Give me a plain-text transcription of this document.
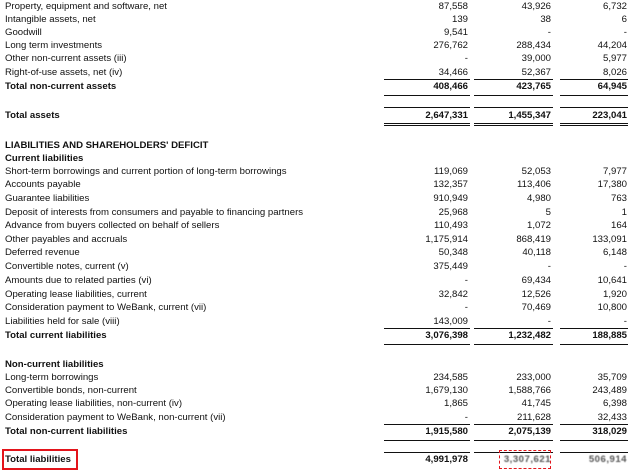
Property, equipment and software, net	87,558	43,926	6,732
Intangible assets, net	139	38	6
Goodwill	9,541	-	-
Long term investments	276,762	288,434	44,204
Other non-current assets (iii)	-	39,000	5,977
Right-of-use assets, net (iv)	34,466	52,367	8,026
Total non-current assets	408,466	423,765	64,945
Total assets	2,647,331	1,455,347	223,041
LIABILITIES AND SHAREHOLDERS' DEFICIT
Current liabilities
Short-term borrowings and current portion of long-term borrowings	119,069	52,053	7,977
Accounts payable	132,357	113,406	17,380
Guarantee liabilities	910,949	4,980	763
Deposit of interests from consumers and payable to financing partners	25,968	5	1
Advance from buyers collected on behalf of sellers	110,493	1,072	164
Other payables and accruals	1,175,914	868,419	133,091
Deferred revenue	50,348	40,118	6,148
Convertible notes, current (v)	375,449	-	-
Amounts due to related parties (vi)	-	69,434	10,641
Operating lease liabilities, current	32,842	12,526	1,920
Consideration payment to WeBank, current (vii)	-	70,469	10,800
Liabilities held for sale (viii)	143,009	-	-
Total current liabilities	3,076,398	1,232,482	188,885
Non-current liabilities
Long-term borrowings	234,585	233,000	35,709
Convertible bonds, non-current	1,679,130	1,588,766	243,489
Operating lease liabilities, non-current (iv)	1,865	41,745	6,398
Consideration payment to WeBank, non-current (vii)	-	211,628	32,433
Total non-current liabilities	1,915,580	2,075,139	318,029
Total liabilities	4,991,978	3,307,621	506,914
